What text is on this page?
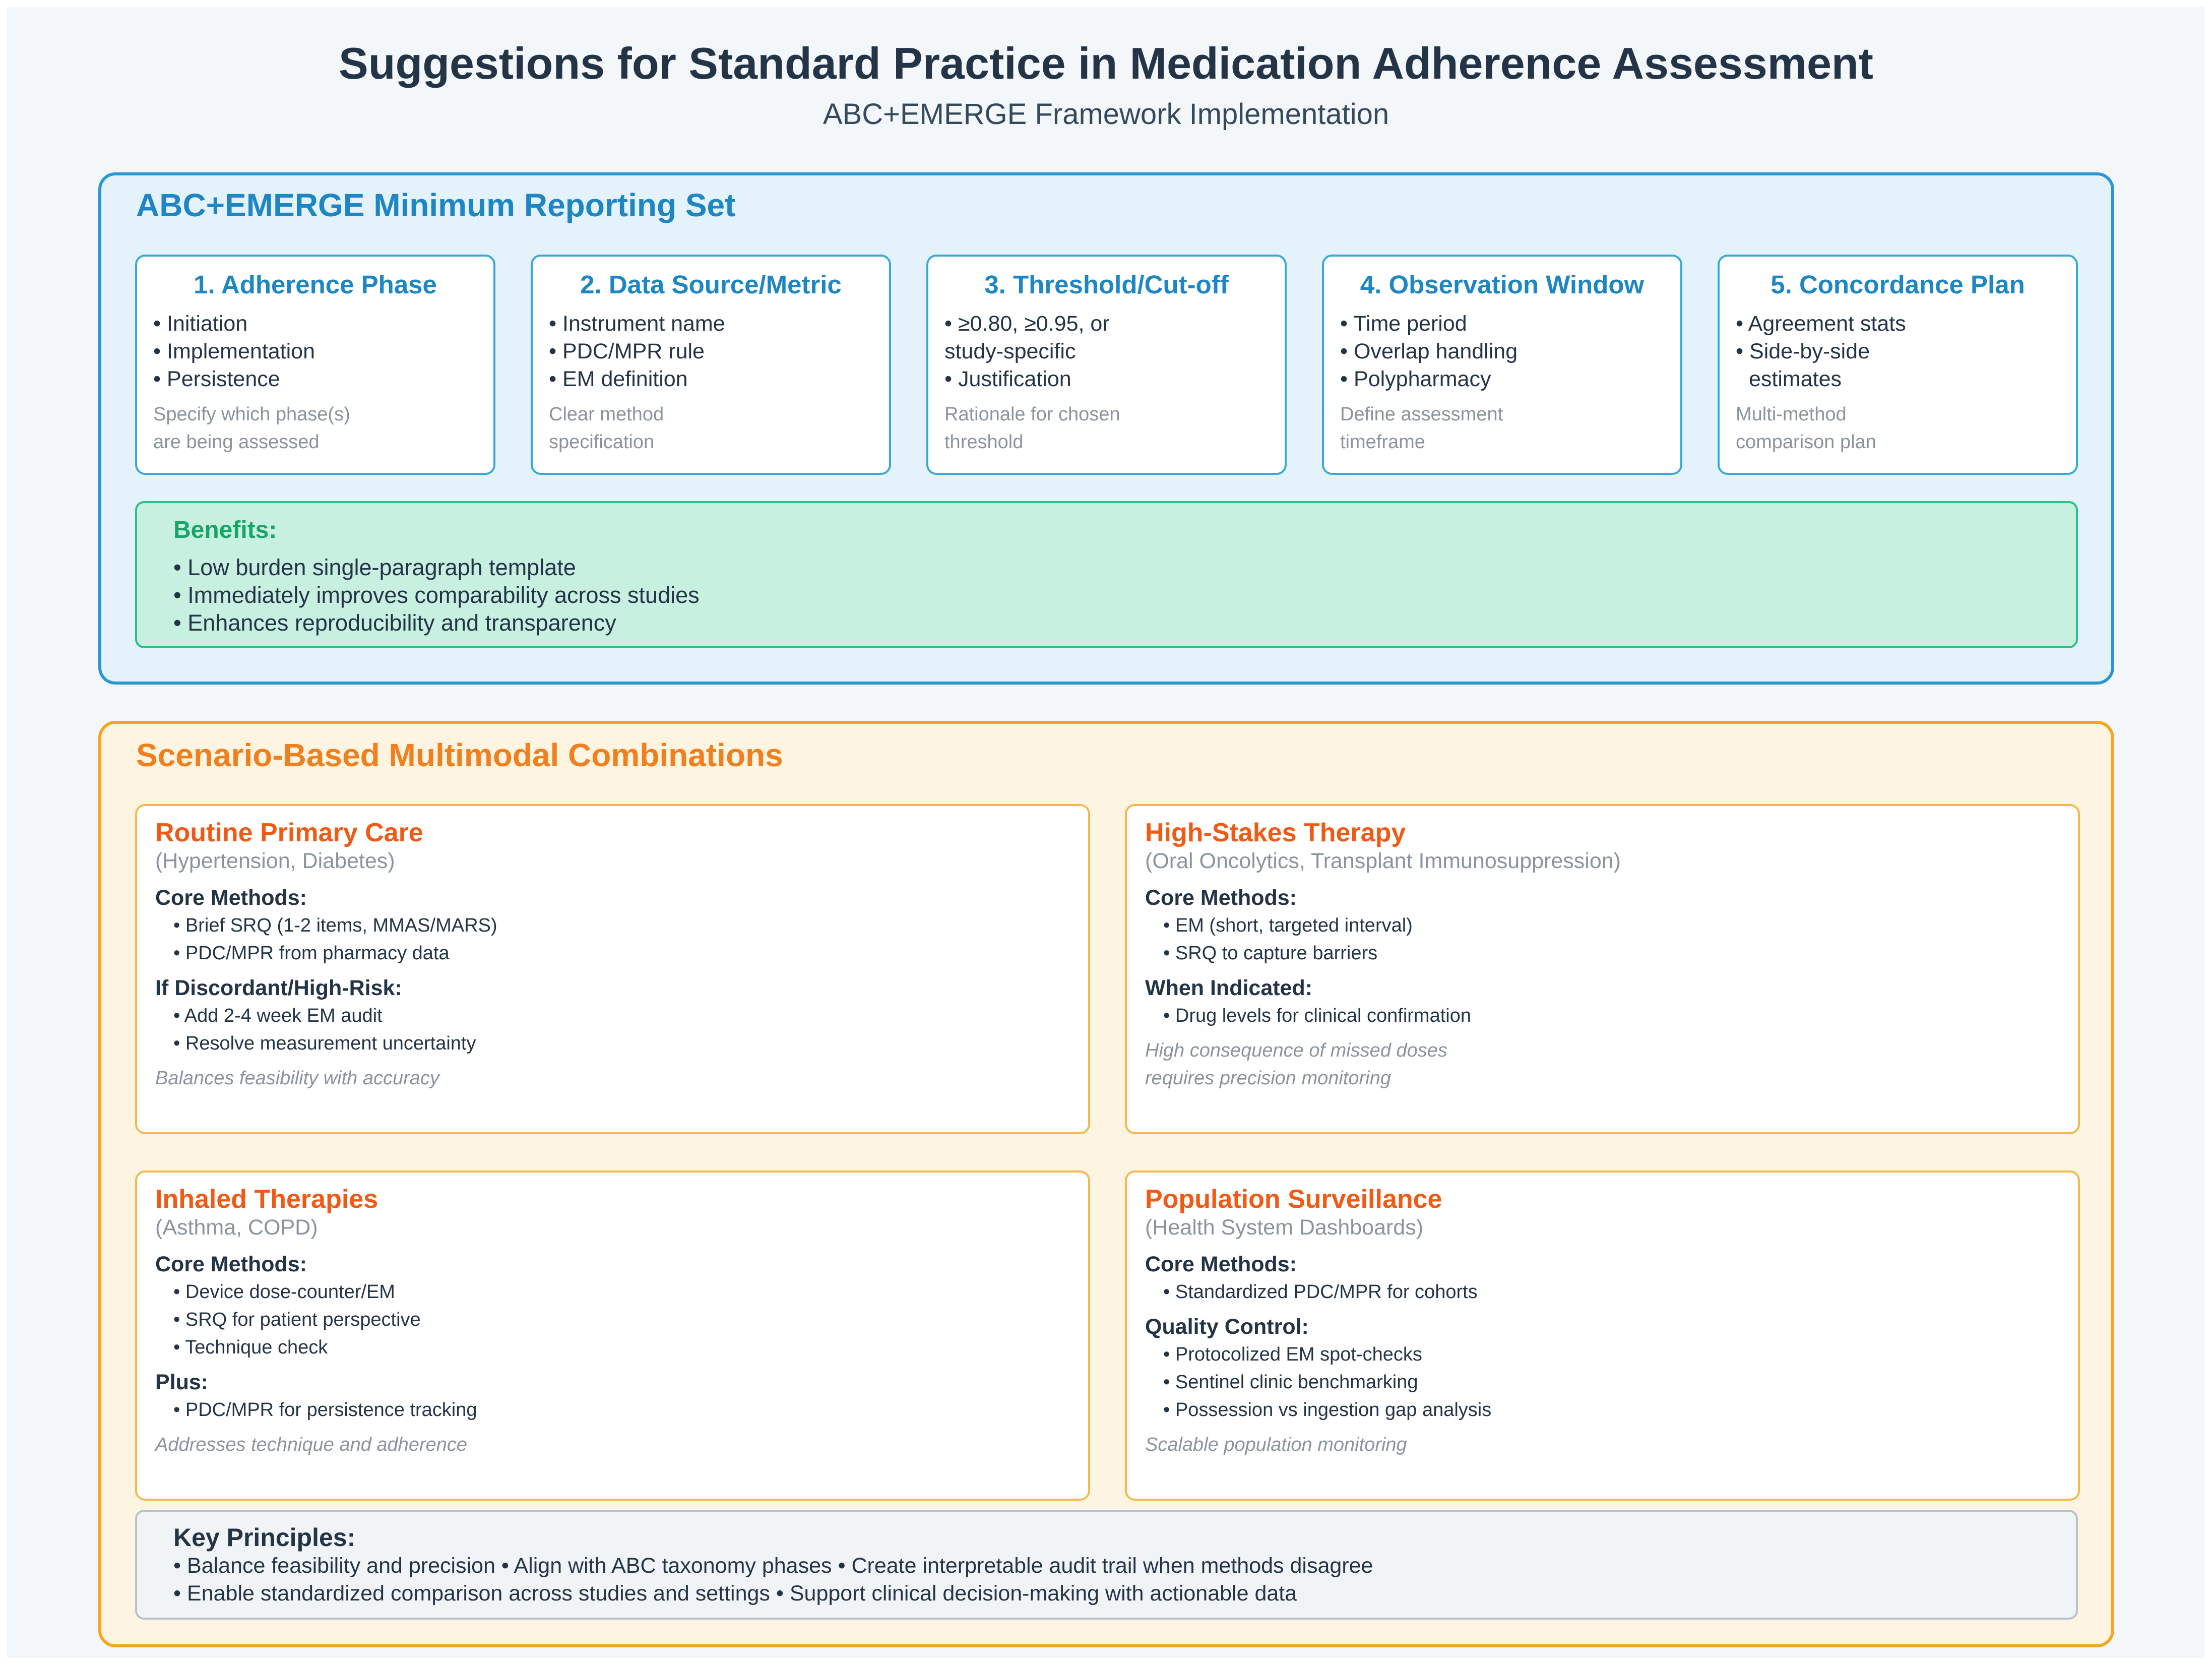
Suggestions for Standard Practice in Medication Adherence Assessment
ABC+EMERGE Framework Implementation
ABC+EMERGE Minimum Reporting Set
1. Adherence Phase
• Initiation
• Implementation
• Persistence
Specify which phase(s)
are being assessed
2. Data Source/Metric
• Instrument name
• PDC/MPR rule
• EM definition
Clear method
specification
3. Threshold/Cut-off
• ≥0.80, ≥0.95, or
study-specific
• Justification
Rationale for chosen
threshold
4. Observation Window
• Time period
• Overlap handling
• Polypharmacy
Define assessment
timeframe
5. Concordance Plan
• Agreement stats
• Side-by-side
estimates
Multi-method
comparison plan
Benefits:
• Low burden single-paragraph template
• Immediately improves comparability across studies
• Enhances reproducibility and transparency
Scenario-Based Multimodal Combinations
Routine Primary Care
(Hypertension, Diabetes)
Core Methods:
• Brief SRQ (1-2 items, MMAS/MARS)
• PDC/MPR from pharmacy data
If Discordant/High-Risk:
• Add 2-4 week EM audit
• Resolve measurement uncertainty
Balances feasibility with accuracy
High-Stakes Therapy
(Oral Oncolytics, Transplant Immunosuppression)
Core Methods:
• EM (short, targeted interval)
• SRQ to capture barriers
When Indicated:
• Drug levels for clinical confirmation
High consequence of missed doses
requires precision monitoring
Inhaled Therapies
(Asthma, COPD)
Core Methods:
• Device dose-counter/EM
• SRQ for patient perspective
• Technique check
Plus:
• PDC/MPR for persistence tracking
Addresses technique and adherence
Population Surveillance
(Health System Dashboards)
Core Methods:
• Standardized PDC/MPR for cohorts
Quality Control:
• Protocolized EM spot-checks
• Sentinel clinic benchmarking
• Possession vs ingestion gap analysis
Scalable population monitoring
Key Principles:
• Balance feasibility and precision • Align with ABC taxonomy phases • Create interpretable audit trail when methods disagree
• Enable standardized comparison across studies and settings • Support clinical decision-making with actionable data
